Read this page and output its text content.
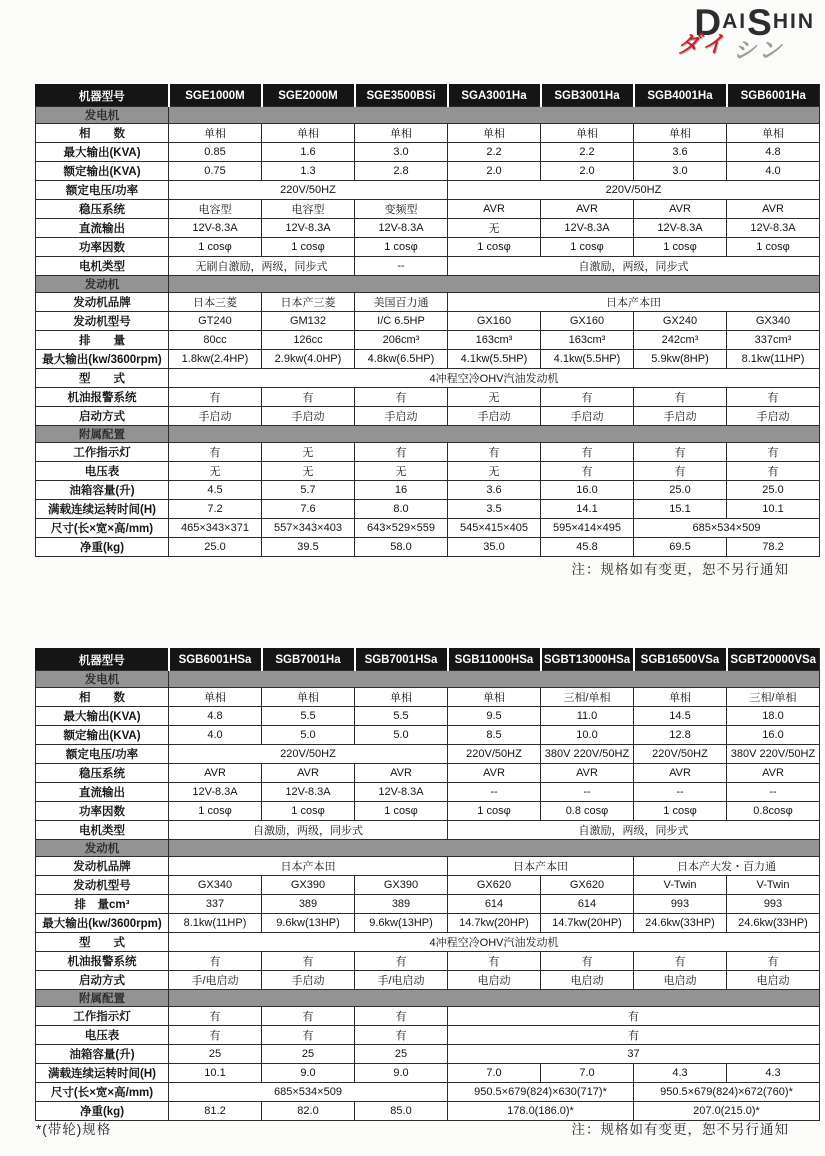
DAISHIN
ダイ シン
机器型号	SGE1000M	SGE2000M	SGE3500BSi	SGA3001Ha	SGB3001Ha	SGB4001Ha	SGB6001Ha
发电机							
相　　数	单相	单相	单相	单相	单相	单相	单相
最大输出(KVA)	0.85	1.6	3.0	2.2	2.2	3.6	4.8
额定输出(KVA)	0.75	1.3	2.8	2.0	2.0	3.0	4.0
额定电压/功率	220V/50HZ			220V/50HZ			
稳压系统	电容型	电容型	变频型	AVR	AVR	AVR	AVR
直流输出	12V-8.3A	12V-8.3A	12V-8.3A	无	12V-8.3A	12V-8.3A	12V-8.3A
功率因数	1 cosφ	1 cosφ	1 cosφ	1 cosφ	1 cosφ	1 cosφ	1 cosφ
电机类型	无刷自激励，两级，同步式		--	自激励，两级，同步式			
发动机							
发动机品牌	日本三菱	日本产三菱	美国百力通	日本产本田			
发动机型号	GT240	GM132	I/C 6.5HP	GX160	GX160	GX240	GX340
排　　量	80cc	126cc	206cm³	163cm³	163cm³	242cm³	337cm³
最大输出(kw/3600rpm)	1.8kw(2.4HP)	2.9kw(4.0HP)	4.8kw(6.5HP)	4.1kw(5.5HP)	4.1kw(5.5HP)	5.9kw(8HP)	8.1kw(11HP)
型　　式	4冲程空冷OHV汽油发动机						
机油报警系统	有	有	有	无	有	有	有
启动方式	手启动	手启动	手启动	手启动	手启动	手启动	手启动
附属配置							
工作指示灯	有	无	有	有	有	有	有
电压表	无	无	无	无	有	有	有
油箱容量(升)	4.5	5.7	16	3.6	16.0	25.0	25.0
满载连续运转时间(H)	7.2	7.6	8.0	3.5	14.1	15.1	10.1
尺寸(长×宽×高/mm)	465×343×371	557×343×403	643×529×559	545×415×405	595×414×495	685×534×509	
净重(kg)	25.0	39.5	58.0	35.0	45.8	69.5	78.2
注：规格如有变更，恕不另行通知
机器型号	SGB6001HSa	SGB7001Ha	SGB7001HSa	SGB11000HSa	SGBT13000HSa	SGB16500VSa	SGBT20000VSa
发电机							
相　　数	单相	单相	单相	单相	三相/单相	单相	三相/单相
最大输出(KVA)	4.8	5.5	5.5	9.5	11.0	14.5	18.0
额定输出(KVA)	4.0	5.0	5.0	8.5	10.0	12.8	16.0
额定电压/功率	220V/50HZ			220V/50HZ	380V 220V/50HZ	220V/50HZ	380V 220V/50HZ
稳压系统	AVR	AVR	AVR	AVR	AVR	AVR	AVR
直流输出	12V-8.3A	12V-8.3A	12V-8.3A	--	--	--	--
功率因数	1 cosφ	1 cosφ	1 cosφ	1 cosφ	0.8 cosφ	1 cosφ	0.8cosφ
电机类型	自激励，两级，同步式			自激励，两级，同步式			
发动机							
发动机品牌	日本产本田			日本产本田		日本产大发・百力通	
发动机型号	GX340	GX390	GX390	GX620	GX620	V-Twin	V-Twin
排　量cm³	337	389	389	614	614	993	993
最大输出(kw/3600rpm)	8.1kw(11HP)	9.6kw(13HP)	9.6kw(13HP)	14.7kw(20HP)	14.7kw(20HP)	24.6kw(33HP)	24.6kw(33HP)
型　　式	4冲程空冷OHV汽油发动机						
机油报警系统	有	有	有	有	有	有	有
启动方式	手/电启动	手启动	手/电启动	电启动	电启动	电启动	电启动
附属配置							
工作指示灯	有	有	有	有			
电压表	有	有	有	有			
油箱容量(升)	25	25	25	37			
满载连续运转时间(H)	10.1	9.0	9.0	7.0	7.0	4.3	4.3
尺寸(长×宽×高/mm)	685×534×509			950.5×679(824)×630(717)*		950.5×679(824)×672(760)*	
净重(kg)	81.2	82.0	85.0	178.0(186.0)*		207.0(215.0)*	
*(带轮)规格	注：规格如有变更，恕不另行通知
